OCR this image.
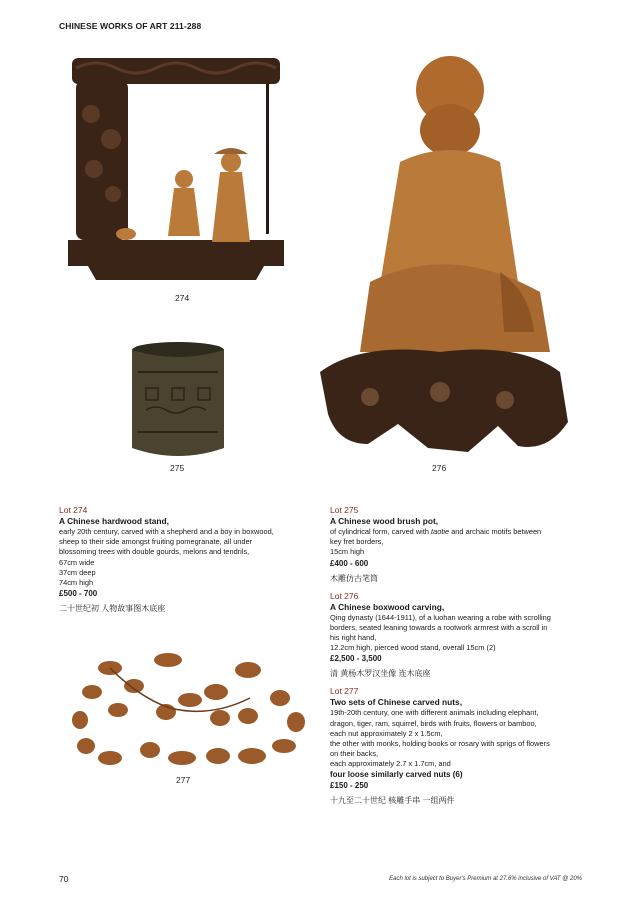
CHINESE WORKS OF ART 211-288
274
275	276
Lot 274

A Chinese hardwood stand,

early 20th century, carved with a shepherd and a boy in boxwood,

sheep to their side amongst fruiting pomegranate, all under

blossoming trees with double gourds, melons and tendrils,

67cm wide

37cm deep

74cm high

£500 - 700

二十世纪初 人物故事图木底座

277
Lot 275

A Chinese wood brush pot,

of cylindrical form, carved with taotie and archaic motifs between

key fret borders,

15cm high

£400 - 600

木雕仿古笔筒

Lot 276

A Chinese boxwood carving,

Qing dynasty (1644-1911), of a luohan wearing a robe with scrolling

borders, seated leaning towards a rootwork armrest with a scroll in

his right hand,

12.2cm high, pierced wood stand, overall 15cm (2)

£2,500 - 3,500

清 黄杨木罗汉坐像 连木底座

Lot 277

Two sets of Chinese carved nuts,

19th-20th century, one with different animals including elephant,

dragon, tiger, ram, squirrel, birds with fruits, flowers or bamboo,

each nut approximately 2 x 1.5cm,

the other with monks, holding books or rosary with sprigs of flowers

on their backs,

each approximately 2.7 x 1.7cm, and

four loose similarly carved nuts (6)

£150 - 250

十九至二十世纪 核雕手串 一组两件

70	Each lot is subject to Buyer's Premium at 27.6% inclusive of VAT @ 20%
